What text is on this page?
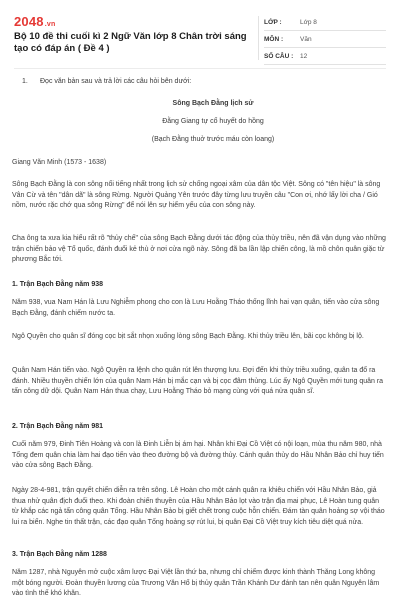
2048.vn
Bộ 10 đề thi cuối kì 2 Ngữ Văn lớp 8 Chân trời sáng tạo có đáp án ( Đề 4 )
LỚP :	Lớp 8
MÔN :	Văn
SỐ CÂU :	12
1. Đọc văn bản sau và trả lời các câu hỏi bên dưới:
Sông Bạch Đằng lịch sử
Đằng Giang tự cổ huyết do hồng
(Bạch Đằng thuở trước máu còn loang)
Giang Văn Minh (1573 - 1638)
Sông Bạch Đằng là con sông nổi tiếng nhất trong lịch sử chống ngoại xâm của dân tộc Việt. Sông có "tên hiệu" là sông Vân Cừ và tên "dân dã" là sông Rừng. Người Quảng Yên trước đây từng lưu truyền câu "Con ơi, nhớ lấy lời cha / Gió nồm, nước rặc chớ qua sông Rừng" để nói lên sự hiểm yếu của con sông này.
Cha ông ta xưa kia hiểu rất rõ "thủy chế" của sông Bạch Đằng dưới tác động của thủy triều, nên đã vận dụng vào những trận chiến bảo vệ Tổ quốc, đánh đuổi kẻ thù ở nơi cửa ngõ này. Sông đã ba lần lập chiến công, là mồ chôn quân giặc từ phương Bắc tới.
1. Trận Bạch Đằng năm 938
Năm 938, vua Nam Hán là Lưu Nghiễm phong cho con là Lưu Hoằng Tháo thống lĩnh hai vạn quân, tiến vào cửa sông Bạch Đằng, đánh chiếm nước ta.
Ngô Quyền cho quân sĩ đóng cọc bịt sắt nhọn xuống lòng sông Bạch Đằng. Khi thủy triều lên, bãi cọc không bị lộ.
Quân Nam Hán tiến vào. Ngô Quyền ra lệnh cho quân rút lên thượng lưu. Đợi đến khi thủy triều xuống, quân ta đổ ra đánh. Nhiều thuyền chiến lớn của quân Nam Hán bị mắc cạn và bị cọc đâm thủng. Lúc ấy Ngô Quyền mới tung quân ra tấn công dữ dội. Quân Nam Hán thua chạy, Lưu Hoằng Tháo bỏ mạng cùng với quá nửa quân sĩ.
2. Trận Bạch Đằng năm 981
Cuối năm 979, Đinh Tiên Hoàng và con là Đinh Liễn bị ám hại. Nhân khi Đại Cồ Việt có nội loạn, mùa thu năm 980, nhà Tống đem quân chia làm hai đạo tiến vào theo đường bộ và đường thủy. Cánh quân thủy do Hầu Nhân Bảo chỉ huy tiến vào cửa sông Bạch Đằng.
Ngày 28-4-981, trận quyết chiến diễn ra trên sông. Lê Hoàn cho một cánh quân ra khiêu chiến với Hầu Nhân Bảo, giả thua nhử quân địch đuổi theo. Khi đoàn chiến thuyền của Hầu Nhân Bảo lọt vào trận địa mai phục, Lê Hoàn tung quân từ khắp các ngả tấn công quân Tống. Hầu Nhân Bảo bị giết chết trong cuộc hỗn chiến. Đám tàn quân hoảng sợ vội tháo lui ra biển. Nghe tin thất trận, các đạo quân Tống hoảng sợ rút lui, bị quân Đại Cồ Việt truy kích tiêu diệt quá nửa.
3. Trận Bạch Đằng năm 1288
Năm 1287, nhà Nguyên mở cuộc xâm lược Đại Việt lần thứ ba, nhưng chỉ chiếm được kinh thành Thăng Long không một bóng người. Đoàn thuyền lương của Trương Văn Hổ bị thủy quân Trần Khánh Dư đánh tan nên quân Nguyên lâm vào tình thế khó khăn.
